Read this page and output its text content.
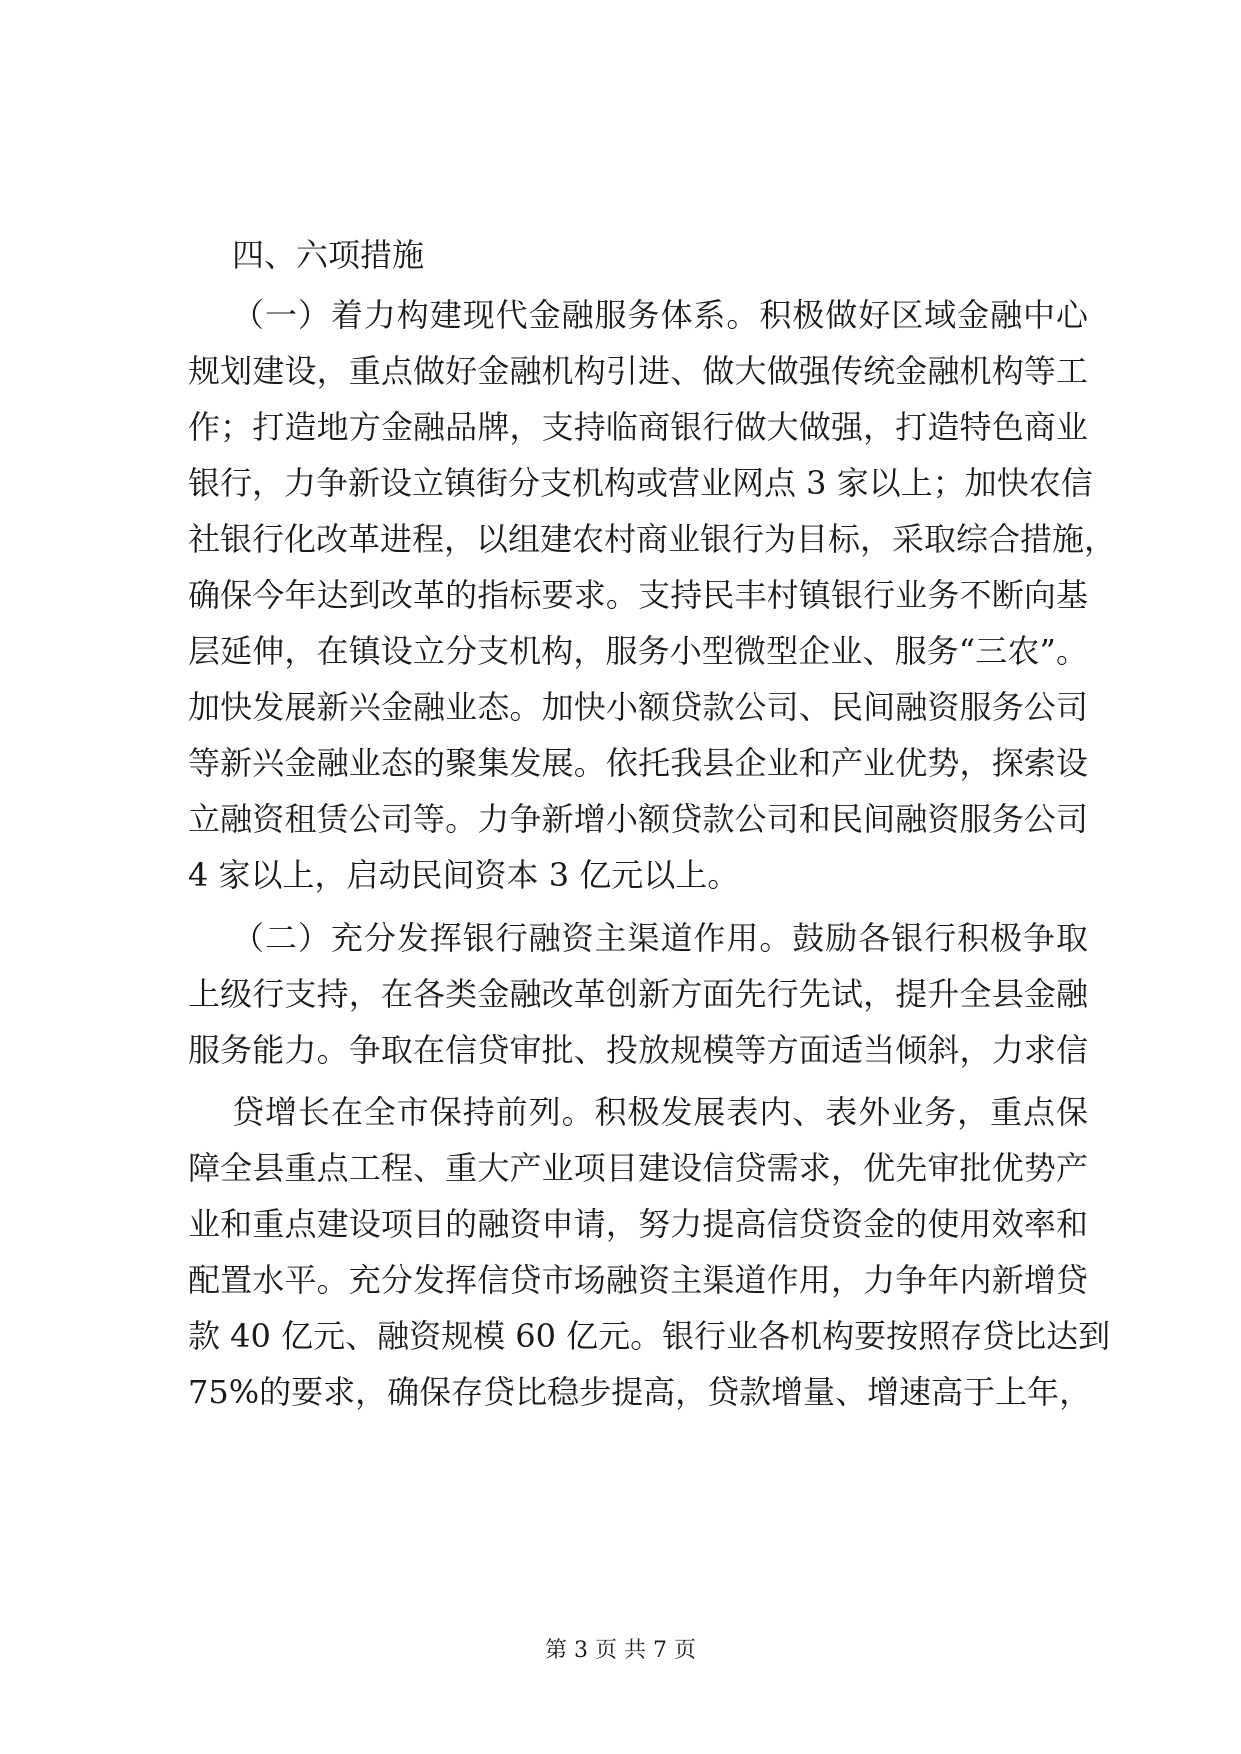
四、六项措施
（一）着力构建现代金融服务体系。积极做好区域金融中心
规划建设，重点做好金融机构引进、做大做强传统金融机构等工
作；打造地方金融品牌，支持临商银行做大做强，打造特色商业
银行，力争新设立镇街分支机构或营业网点 3 家以上；加快农信
社银行化改革进程，以组建农村商业银行为目标，采取综合措施，
确保今年达到改革的指标要求。支持民丰村镇银行业务不断向基
层延伸，在镇设立分支机构，服务小型微型企业、服务“三农”。
加快发展新兴金融业态。加快小额贷款公司、民间融资服务公司
等新兴金融业态的聚集发展。依托我县企业和产业优势，探索设
立融资租赁公司等。力争新增小额贷款公司和民间融资服务公司
4 家以上，启动民间资本 3 亿元以上。
（二）充分发挥银行融资主渠道作用。鼓励各银行积极争取
上级行支持，在各类金融改革创新方面先行先试，提升全县金融
服务能力。争取在信贷审批、投放规模等方面适当倾斜，力求信
贷增长在全市保持前列。积极发展表内、表外业务，重点保
障全县重点工程、重大产业项目建设信贷需求，优先审批优势产
业和重点建设项目的融资申请，努力提高信贷资金的使用效率和
配置水平。充分发挥信贷市场融资主渠道作用，力争年内新增贷
款 40 亿元、融资规模 60 亿元。银行业各机构要按照存贷比达到
75%的要求，确保存贷比稳步提高，贷款增量、增速高于上年，
第 3 页 共 7 页
